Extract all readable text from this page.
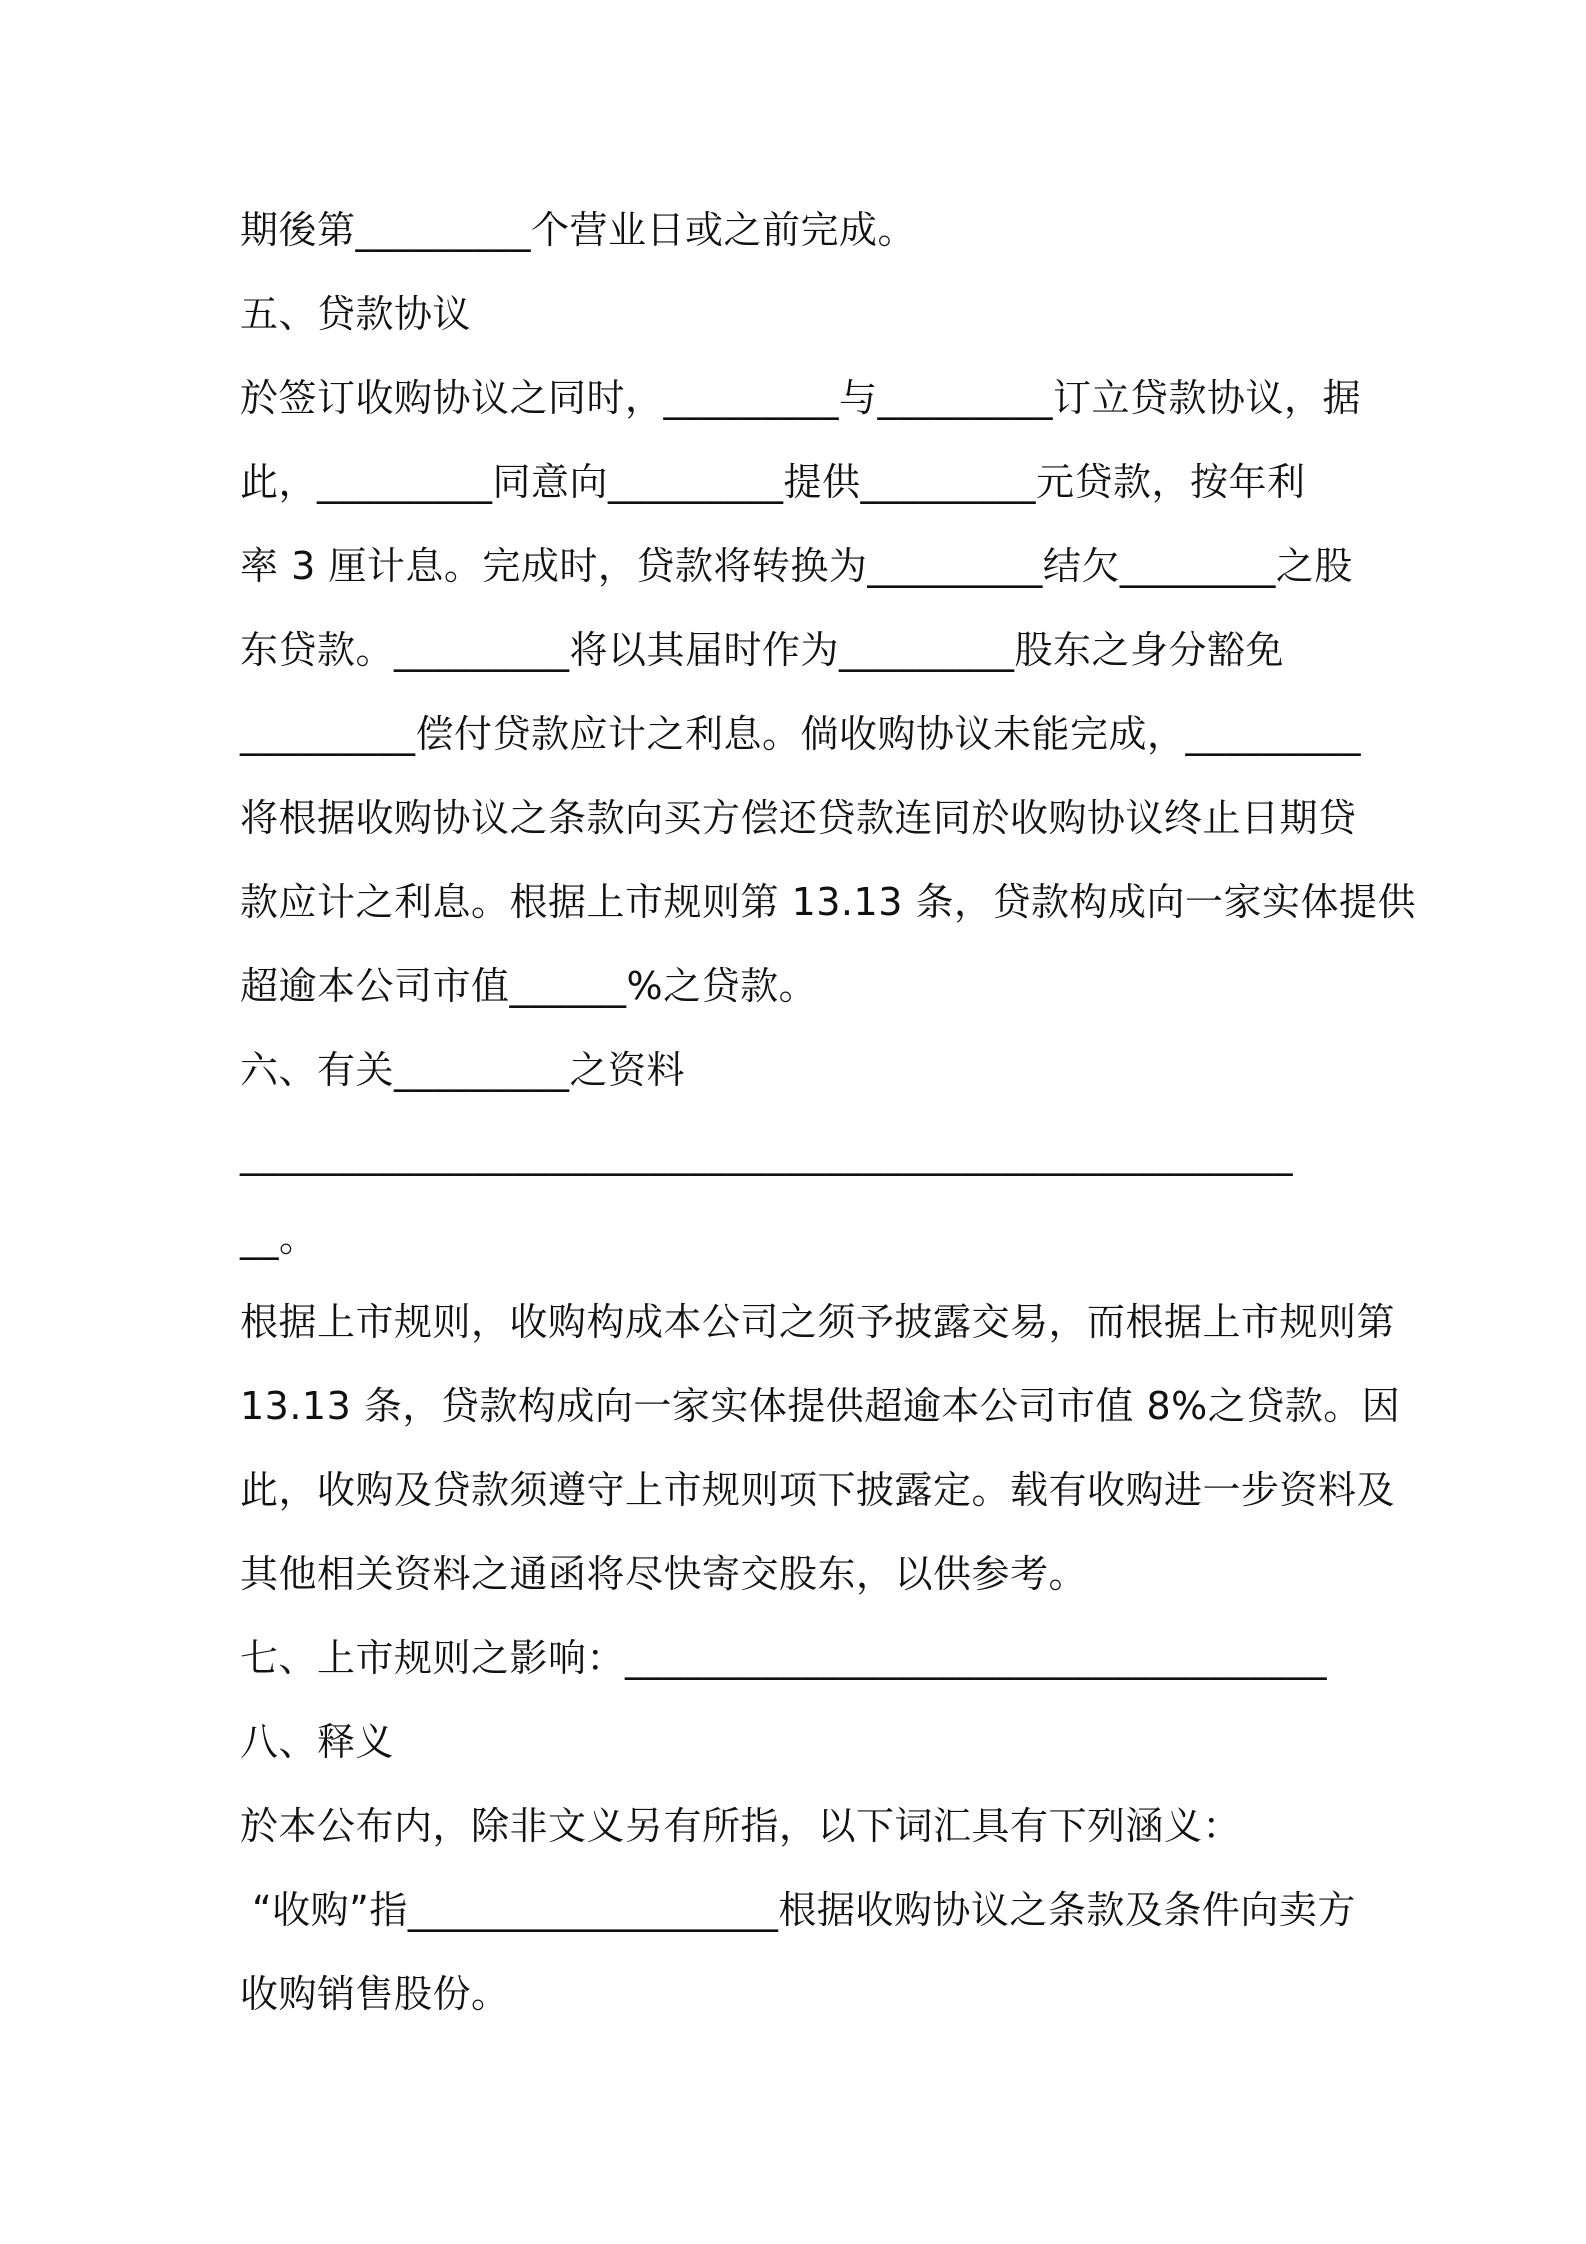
期後第_________个营业日或之前完成。
五、贷款协议
於签订收购协议之同时，_________与_________订立贷款协议，据
此，_________同意向_________提供_________元贷款，按年利
率 3 厘计息。完成时，贷款将转换为_________结欠________之股
东贷款。_________将以其届时作为_________股东之身分豁免
_________偿付贷款应计之利息。倘收购协议未能完成，_________
将根据收购协议之条款向买方偿还贷款连同於收购协议终止日期贷
款应计之利息。根据上市规则第 13.13 条，贷款构成向一家实体提供
超逾本公司市值______%之贷款。
六、有关_________之资料
______________________________________________________
__。
根据上市规则，收购构成本公司之须予披露交易，而根据上市规则第
13.13 条，贷款构成向一家实体提供超逾本公司市值 8%之贷款。因
此，收购及贷款须遵守上市规则项下披露定。载有收购进一步资料及
其他相关资料之通函将尽快寄交股东，以供参考。
七、上市规则之影响：____________________________________
八、释义
於本公布内，除非文义另有所指，以下词汇具有下列涵义：
“收购”指___________________根据收购协议之条款及条件向卖方
收购销售股份。
